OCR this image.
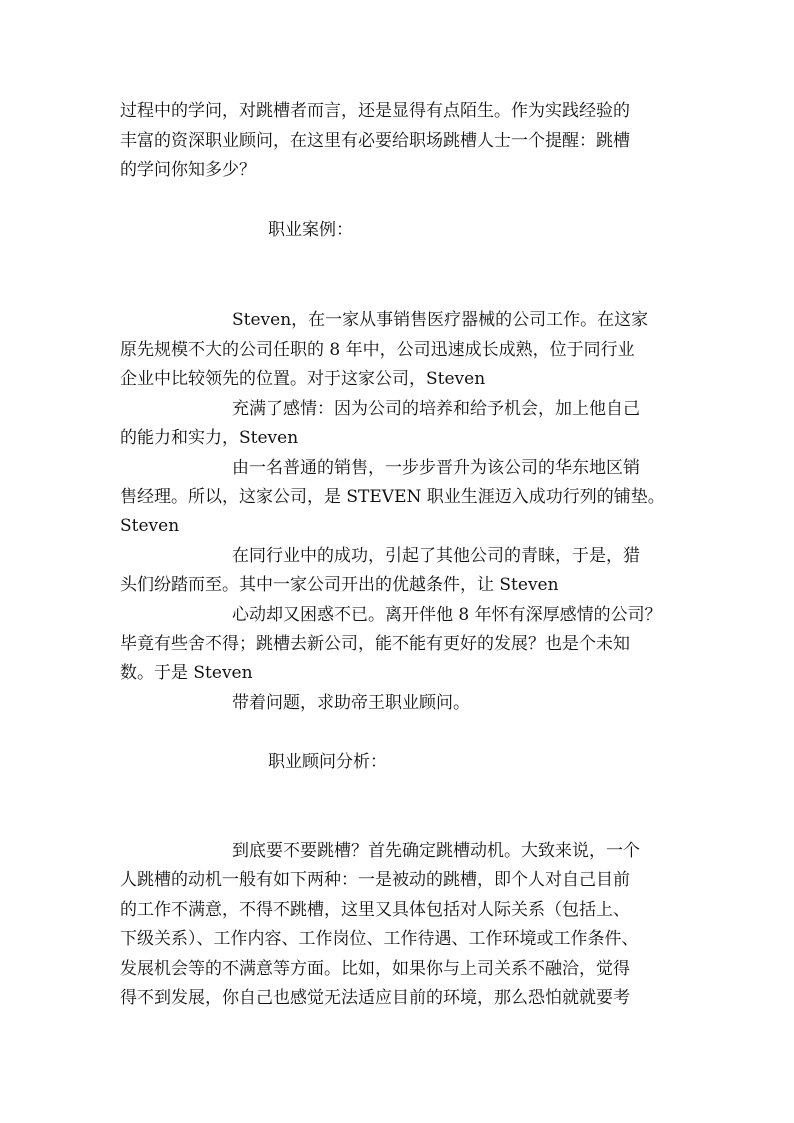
过程中的学问，对跳槽者而言，还是显得有点陌生。作为实践经验的
丰富的资深职业顾问，在这里有必要给职场跳槽人士一个提醒：跳槽
的学问你知多少？
职业案例：
Steven，在一家从事销售医疗器械的公司工作。在这家
原先规模不大的公司任职的 8 年中，公司迅速成长成熟，位于同行业
企业中比较领先的位置。对于这家公司，Steven
充满了感情：因为公司的培养和给予机会，加上他自己
的能力和实力，Steven
由一名普通的销售，一步步晋升为该公司的华东地区销
售经理。所以，这家公司，是 STEVEN 职业生涯迈入成功行列的铺垫。
Steven
在同行业中的成功，引起了其他公司的青睐，于是，猎
头们纷踏而至。其中一家公司开出的优越条件，让 Steven
心动却又困惑不已。离开伴他 8 年怀有深厚感情的公司？
毕竟有些舍不得；跳槽去新公司，能不能有更好的发展？也是个未知
数。于是 Steven
带着问题，求助帝王职业顾问。
职业顾问分析：
到底要不要跳槽？首先确定跳槽动机。大致来说，一个
人跳槽的动机一般有如下两种：一是被动的跳槽，即个人对自己目前
的工作不满意，不得不跳槽，这里又具体包括对人际关系（包括上、
下级关系）、工作内容、工作岗位、工作待遇、工作环境或工作条件、
发展机会等的不满意等方面。比如，如果你与上司关系不融洽，觉得
得不到发展，你自己也感觉无法适应目前的环境，那么恐怕就就要考
